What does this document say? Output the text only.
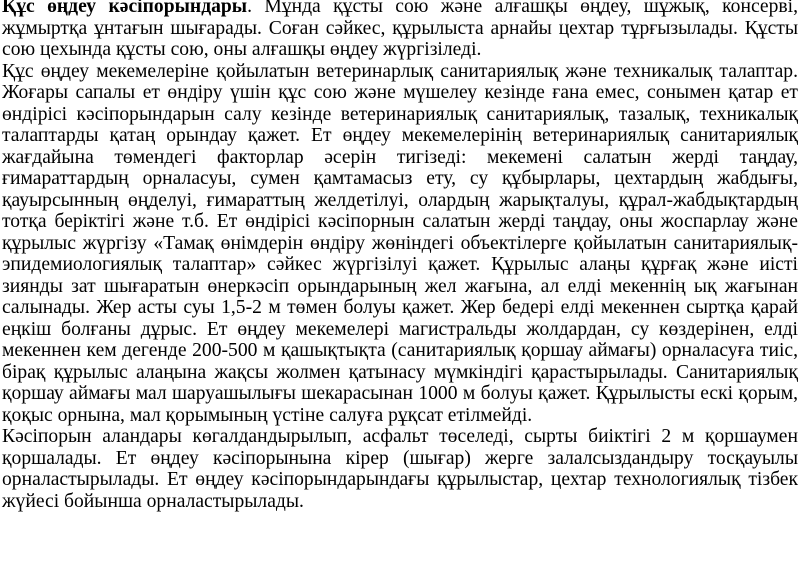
Құс өңдеу кәсіпорындары. Мұнда құсты сою және алғашқы өңдеу, шұжық, консерві, жұмыртқа ұнтағын шығарады. Соған сәйкес, құрылыста арнайы цехтар тұрғызылады. Құсты сою цехында құсты сою, оны алғашқы өңдеу жүргізіледі.

Құс өңдеу мекемелеріне қойылатын ветеринарлық санитариялық және техникалық талаптар. Жоғары сапалы ет өндіру үшін құс сою және мүшелеу кезінде ғана емес, сонымен қатар ет өндірісі кәсіпорындарын салу кезінде ветеринариялық санитариялық, тазалық, техникалық талаптарды қатаң орындау қажет. Ет өңдеу мекемелерінің ветеринариялық санитариялық жағдайына төмендегі факторлар әсерін тигізеді: мекемені салатын жерді таңдау, ғимараттардың орналасуы, сумен қамтамасыз ету, су құбырлары, цехтардың жабдығы, қауырсынның өңделуі, ғимараттың желдетілуі, олардың жарықталуы, құрал-жабдықтардың тотқа беріктігі және т.б. Ет өндірісі кәсіпорнын салатын жерді таңдау, оны жоспарлау және құрылыс жүргізу «Тамақ өнімдерін өндіру жөніндегі объектілерге қойылатын санитариялық-эпидемиологиялық талаптар» сәйкес жүргізілуі қажет. Құрылыс алаңы құрғақ және иісті зиянды зат шығаратын өнеркәсіп орындарының жел жағына, ал елді мекеннің ық жағынан салынады. Жер асты суы 1,5-2 м төмен болуы қажет. Жер бедері елді мекеннен сыртқа қарай еңкіш болғаны дұрыс. Ет өңдеу мекемелері магистральды жолдардан, су көздерінен, елді мекеннен кем дегенде 200-500 м қашықтықта (санитариялық қоршау аймағы) орналасуға тиіс, бірақ құрылыс алаңына жақсы жолмен қатынасу мүмкіндігі қарастырылады. Санитариялық қоршау аймағы мал шаруашылығы шекарасынан 1000 м болуы қажет. Құрылысты ескі қорым, қоқыс орнына, мал қорымының үстіне салуға рұқсат етілмейді.

Кәсіпорын аландары көгалдандырылып, асфальт төселеді, сырты биіктігі 2 м қоршаумен қоршалады. Ет өңдеу кәсіпорынына кірер (шығар) жерге залалсыздандыру тосқауылы орналастырылады. Ет өңдеу кәсіпорындарындағы құрылыстар, цехтар технологиялық тізбек жүйесі бойынша орналастырылады.
